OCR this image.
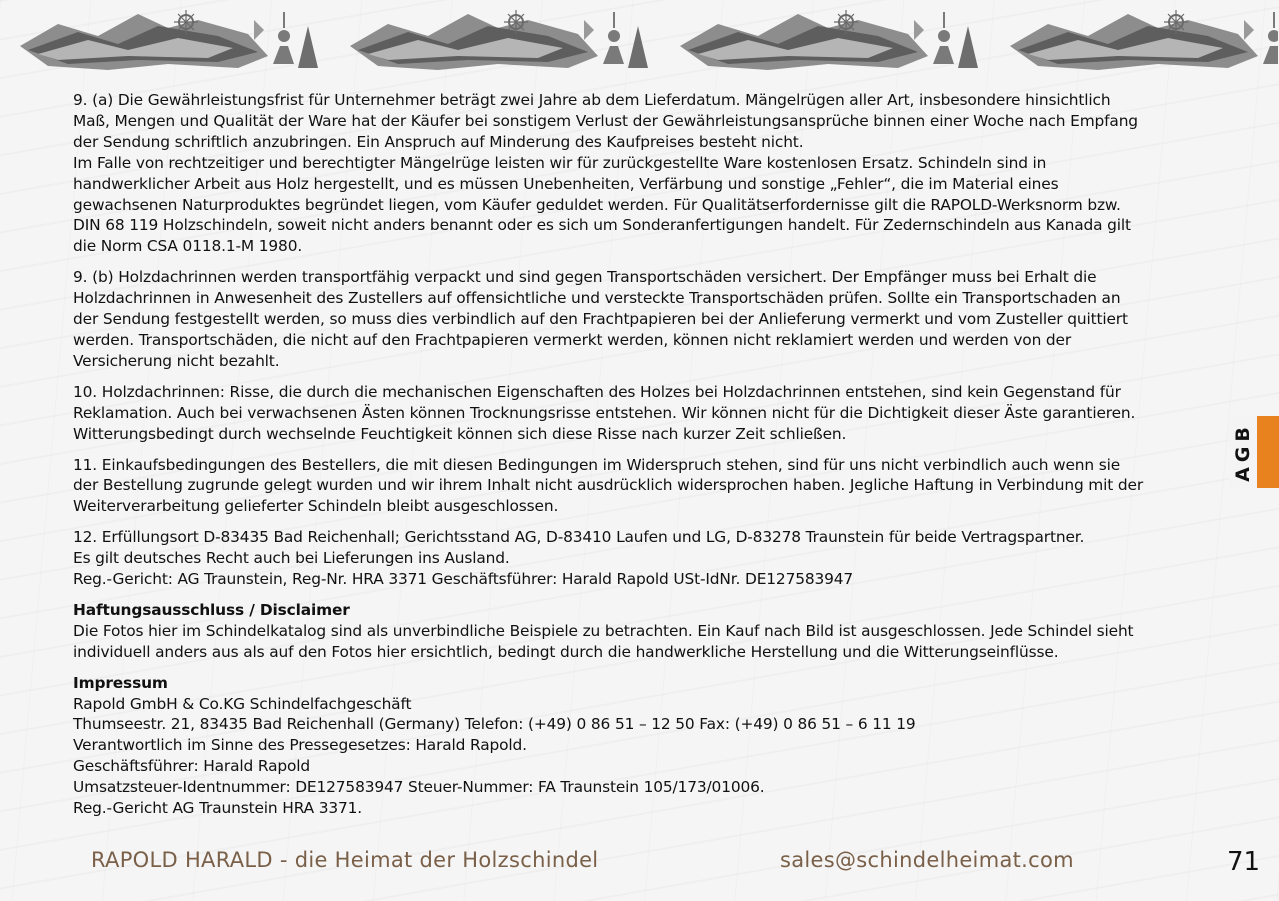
9. (a) Die Gewährleistungsfrist für Unternehmer beträgt zwei Jahre ab dem Lieferdatum. Mängelrügen aller Art, insbesondere hinsichtlich
Maß, Mengen und Qualität der Ware hat der Käufer bei sonstigem Verlust der Gewährleistungsansprüche binnen einer Woche nach Empfang
der Sendung schriftlich anzubringen. Ein Anspruch auf Minderung des Kaufpreises besteht nicht.
Im Falle von rechtzeitiger und berechtigter Mängelrüge leisten wir für zurückgestellte Ware kostenlosen Ersatz. Schindeln sind in
handwerklicher Arbeit aus Holz hergestellt, und es müssen Unebenheiten, Verfärbung und sonstige „Fehler“, die im Material eines
gewachsenen Naturproduktes begründet liegen, vom Käufer geduldet werden. Für Qualitätserfordernisse gilt die RAPOLD-Werksnorm bzw.
DIN 68 119 Holzschindeln, soweit nicht anders benannt oder es sich um Sonderanfertigungen handelt. Für Zedernschindeln aus Kanada gilt
die Norm CSA 0118.1-M 1980.

9. (b) Holzdachrinnen werden transportfähig verpackt und sind gegen Transportschäden versichert. Der Empfänger muss bei Erhalt die
Holzdachrinnen in Anwesenheit des Zustellers auf offensichtliche und versteckte Transportschäden prüfen. Sollte ein Transportschaden an
der Sendung festgestellt werden, so muss dies verbindlich auf den Frachtpapieren bei der Anlieferung vermerkt und vom Zusteller quittiert
werden. Transportschäden, die nicht auf den Frachtpapieren vermerkt werden, können nicht reklamiert werden und werden von der
Versicherung nicht bezahlt.

10. Holzdachrinnen: Risse, die durch die mechanischen Eigenschaften des Holzes bei Holzdachrinnen entstehen, sind kein Gegenstand für
Reklamation. Auch bei verwachsenen Ästen können Trocknungsrisse entstehen. Wir können nicht für die Dichtigkeit dieser Äste garantieren.
Witterungsbedingt durch wechselnde Feuchtigkeit können sich diese Risse nach kurzer Zeit schließen.

11. Einkaufsbedingungen des Bestellers, die mit diesen Bedingungen im Widerspruch stehen, sind für uns nicht verbindlich auch wenn sie
der Bestellung zugrunde gelegt wurden und wir ihrem Inhalt nicht ausdrücklich widersprochen haben. Jegliche Haftung in Verbindung mit der
Weiterverarbeitung gelieferter Schindeln bleibt ausgeschlossen.

12. Erfüllungsort D-83435 Bad Reichenhall; Gerichtsstand AG, D-83410 Laufen und LG, D-83278 Traunstein für beide Vertragspartner.
Es gilt deutsches Recht auch bei Lieferungen ins Ausland.
Reg.-Gericht: AG Traunstein, Reg-Nr. HRA 3371 Geschäftsführer: Harald Rapold USt-IdNr. DE127583947

Haftungsausschluss / Disclaimer
Die Fotos hier im Schindelkatalog sind als unverbindliche Beispiele zu betrachten. Ein Kauf nach Bild ist ausgeschlossen. Jede Schindel sieht
individuell anders aus als auf den Fotos hier ersichtlich, bedingt durch die handwerkliche Herstellung und die Witterungseinflüsse.

Impressum
Rapold GmbH & Co.KG Schindelfachgeschäft
Thumseestr. 21, 83435 Bad Reichenhall (Germany) Telefon: (+49) 0 86 51 – 12 50 Fax: (+49) 0 86 51 – 6 11 19
Verantwortlich im Sinne des Pressegesetzes: Harald Rapold.
Geschäftsführer: Harald Rapold
Umsatzsteuer-Identnummer: DE127583947 Steuer-Nummer: FA Traunstein 105/173/01006.
Reg.-Gericht AG Traunstein HRA 3371.

AGB
RAPOLD HARALD - die Heimat der Holzschindel	sales@schindelheimat.com	71
